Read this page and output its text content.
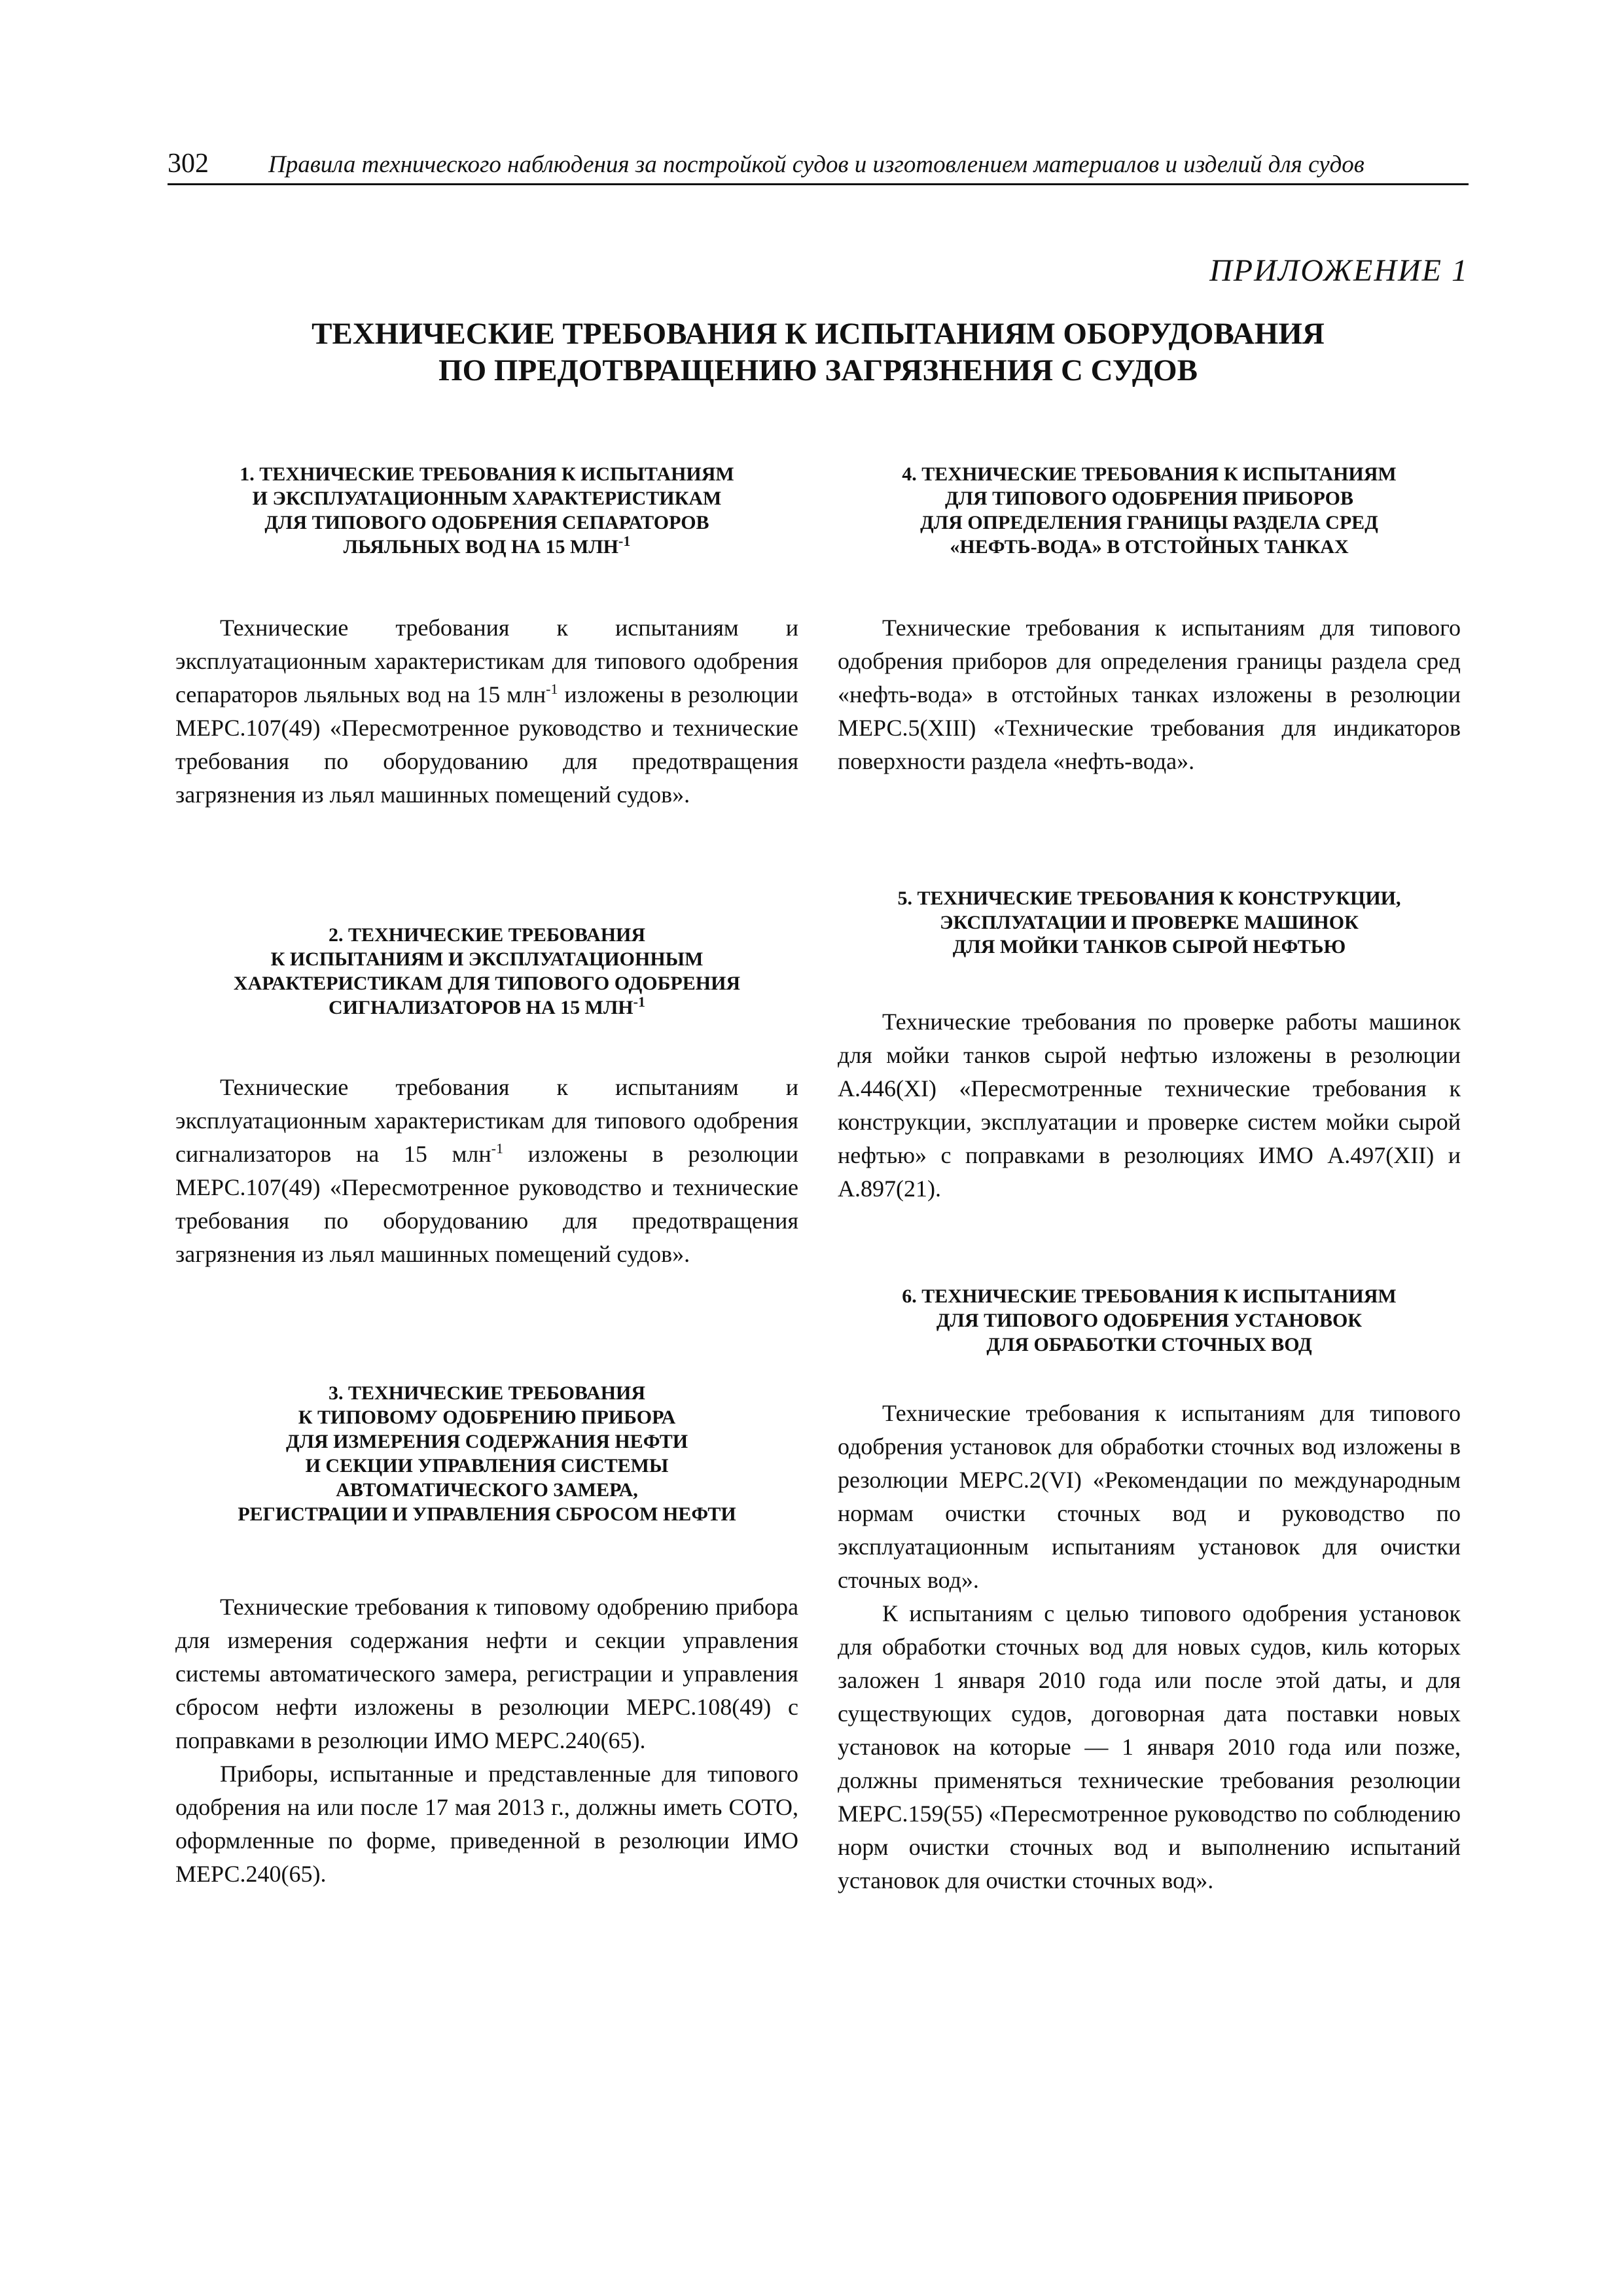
302 Правила технического наблюдения за постройкой судов и изготовлением материалов и изделий для судов
ПРИЛОЖЕНИЕ 1
ТЕХНИЧЕСКИЕ ТРЕБОВАНИЯ К ИСПЫТАНИЯМ ОБОРУДОВАНИЯ
ПО ПРЕДОТВРАЩЕНИЮ ЗАГРЯЗНЕНИЯ С СУДОВ
1. ТЕХНИЧЕСКИЕ ТРЕБОВАНИЯ К ИСПЫТАНИЯМ
И ЭКСПЛУАТАЦИОННЫМ ХАРАКТЕРИСТИКАМ
ДЛЯ ТИПОВОГО ОДОБРЕНИЯ СЕПАРАТОРОВ
ЛЬЯЛЬНЫХ ВОД НА 15 $МЛН^{-1}$

Технические требования к испытаниям и эксплуатационным характеристикам для типового одобрения сепараторов льяльных вод на 15 млн$^{-1}$ изложены в резолюции МЕРС.107(49) «Пересмотренное руководство и технические требования по оборудованию для предотвращения загрязнения из льял машинных помещений судов».

2. ТЕХНИЧЕСКИЕ ТРЕБОВАНИЯ
К ИСПЫТАНИЯМ И ЭКСПЛУАТАЦИОННЫМ
ХАРАКТЕРИСТИКАМ ДЛЯ ТИПОВОГО ОДОБРЕНИЯ
СИГНАЛИЗАТОРОВ НА 15 $МЛН^{-1}$

Технические требования к испытаниям и эксплуатационным характеристикам для типового одобрения сигнализаторов на 15 млн$^{-1}$ изложены в резолюции МЕРС.107(49) «Пересмотренное руководство и технические требования по оборудованию для предотвращения загрязнения из льял машинных помещений судов».

3. ТЕХНИЧЕСКИЕ ТРЕБОВАНИЯ
К ТИПОВОМУ ОДОБРЕНИЮ ПРИБОРА
ДЛЯ ИЗМЕРЕНИЯ СОДЕРЖАНИЯ НЕФТИ
И СЕКЦИИ УПРАВЛЕНИЯ СИСТЕМЫ
АВТОМАТИЧЕСКОГО ЗАМЕРА,
РЕГИСТРАЦИИ И УПРАВЛЕНИЯ СБРОСОМ НЕФТИ

Технические требования к типовому одобрению прибора для измерения содержания нефти и секции управления системы автоматического замера, регистрации и управления сбросом нефти изложены в резолюции МЕРС.108(49) с поправками в резолюции ИМО МЕРС.240(65).

Приборы, испытанные и представленные для типового одобрения на или после 17 мая 2013 г., должны иметь СОТО, оформленные по форме, приведенной в резолюции ИМО МЕРС.240(65).

4. ТЕХНИЧЕСКИЕ ТРЕБОВАНИЯ К ИСПЫТАНИЯМ
ДЛЯ ТИПОВОГО ОДОБРЕНИЯ ПРИБОРОВ
ДЛЯ ОПРЕДЕЛЕНИЯ ГРАНИЦЫ РАЗДЕЛА СРЕД
«НЕФТЬ-ВОДА» В ОТСТОЙНЫХ ТАНКАХ

Технические требования к испытаниям для типового одобрения приборов для определения границы раздела сред «нефть-вода» в отстойных танках изложены в резолюции МЕРС.5(XIII) «Технические требования для индикаторов поверхности раздела «нефть-вода».

5. ТЕХНИЧЕСКИЕ ТРЕБОВАНИЯ К КОНСТРУКЦИИ,
ЭКСПЛУАТАЦИИ И ПРОВЕРКЕ МАШИНОК
ДЛЯ МОЙКИ ТАНКОВ СЫРОЙ НЕФТЬЮ

Технические требования по проверке работы машинок для мойки танков сырой нефтью изложены в резолюции A.446(XI) «Пересмотренные технические требования к конструкции, эксплуатации и проверке систем мойки сырой нефтью» с поправками в резолюциях ИМО A.497(XII) и A.897(21).

6. ТЕХНИЧЕСКИЕ ТРЕБОВАНИЯ К ИСПЫТАНИЯМ
ДЛЯ ТИПОВОГО ОДОБРЕНИЯ УСТАНОВОК
ДЛЯ ОБРАБОТКИ СТОЧНЫХ ВОД

Технические требования к испытаниям для типового одобрения установок для обработки сточных вод изложены в резолюции МЕРС.2(VI) «Рекомендации по международным нормам очистки сточных вод и руководство по эксплуатационным испытаниям установок для очистки сточных вод».

К испытаниям с целью типового одобрения установок для обработки сточных вод для новых судов, киль которых заложен 1 января 2010 года или после этой даты, и для существующих судов, договорная дата поставки новых установок на которые — 1 января 2010 года или позже, должны применяться технические требования резолюции МЕРС.159(55) «Пересмотренное руководство по соблюдению норм очистки сточных вод и выполнению испытаний установок для очистки сточных вод».
